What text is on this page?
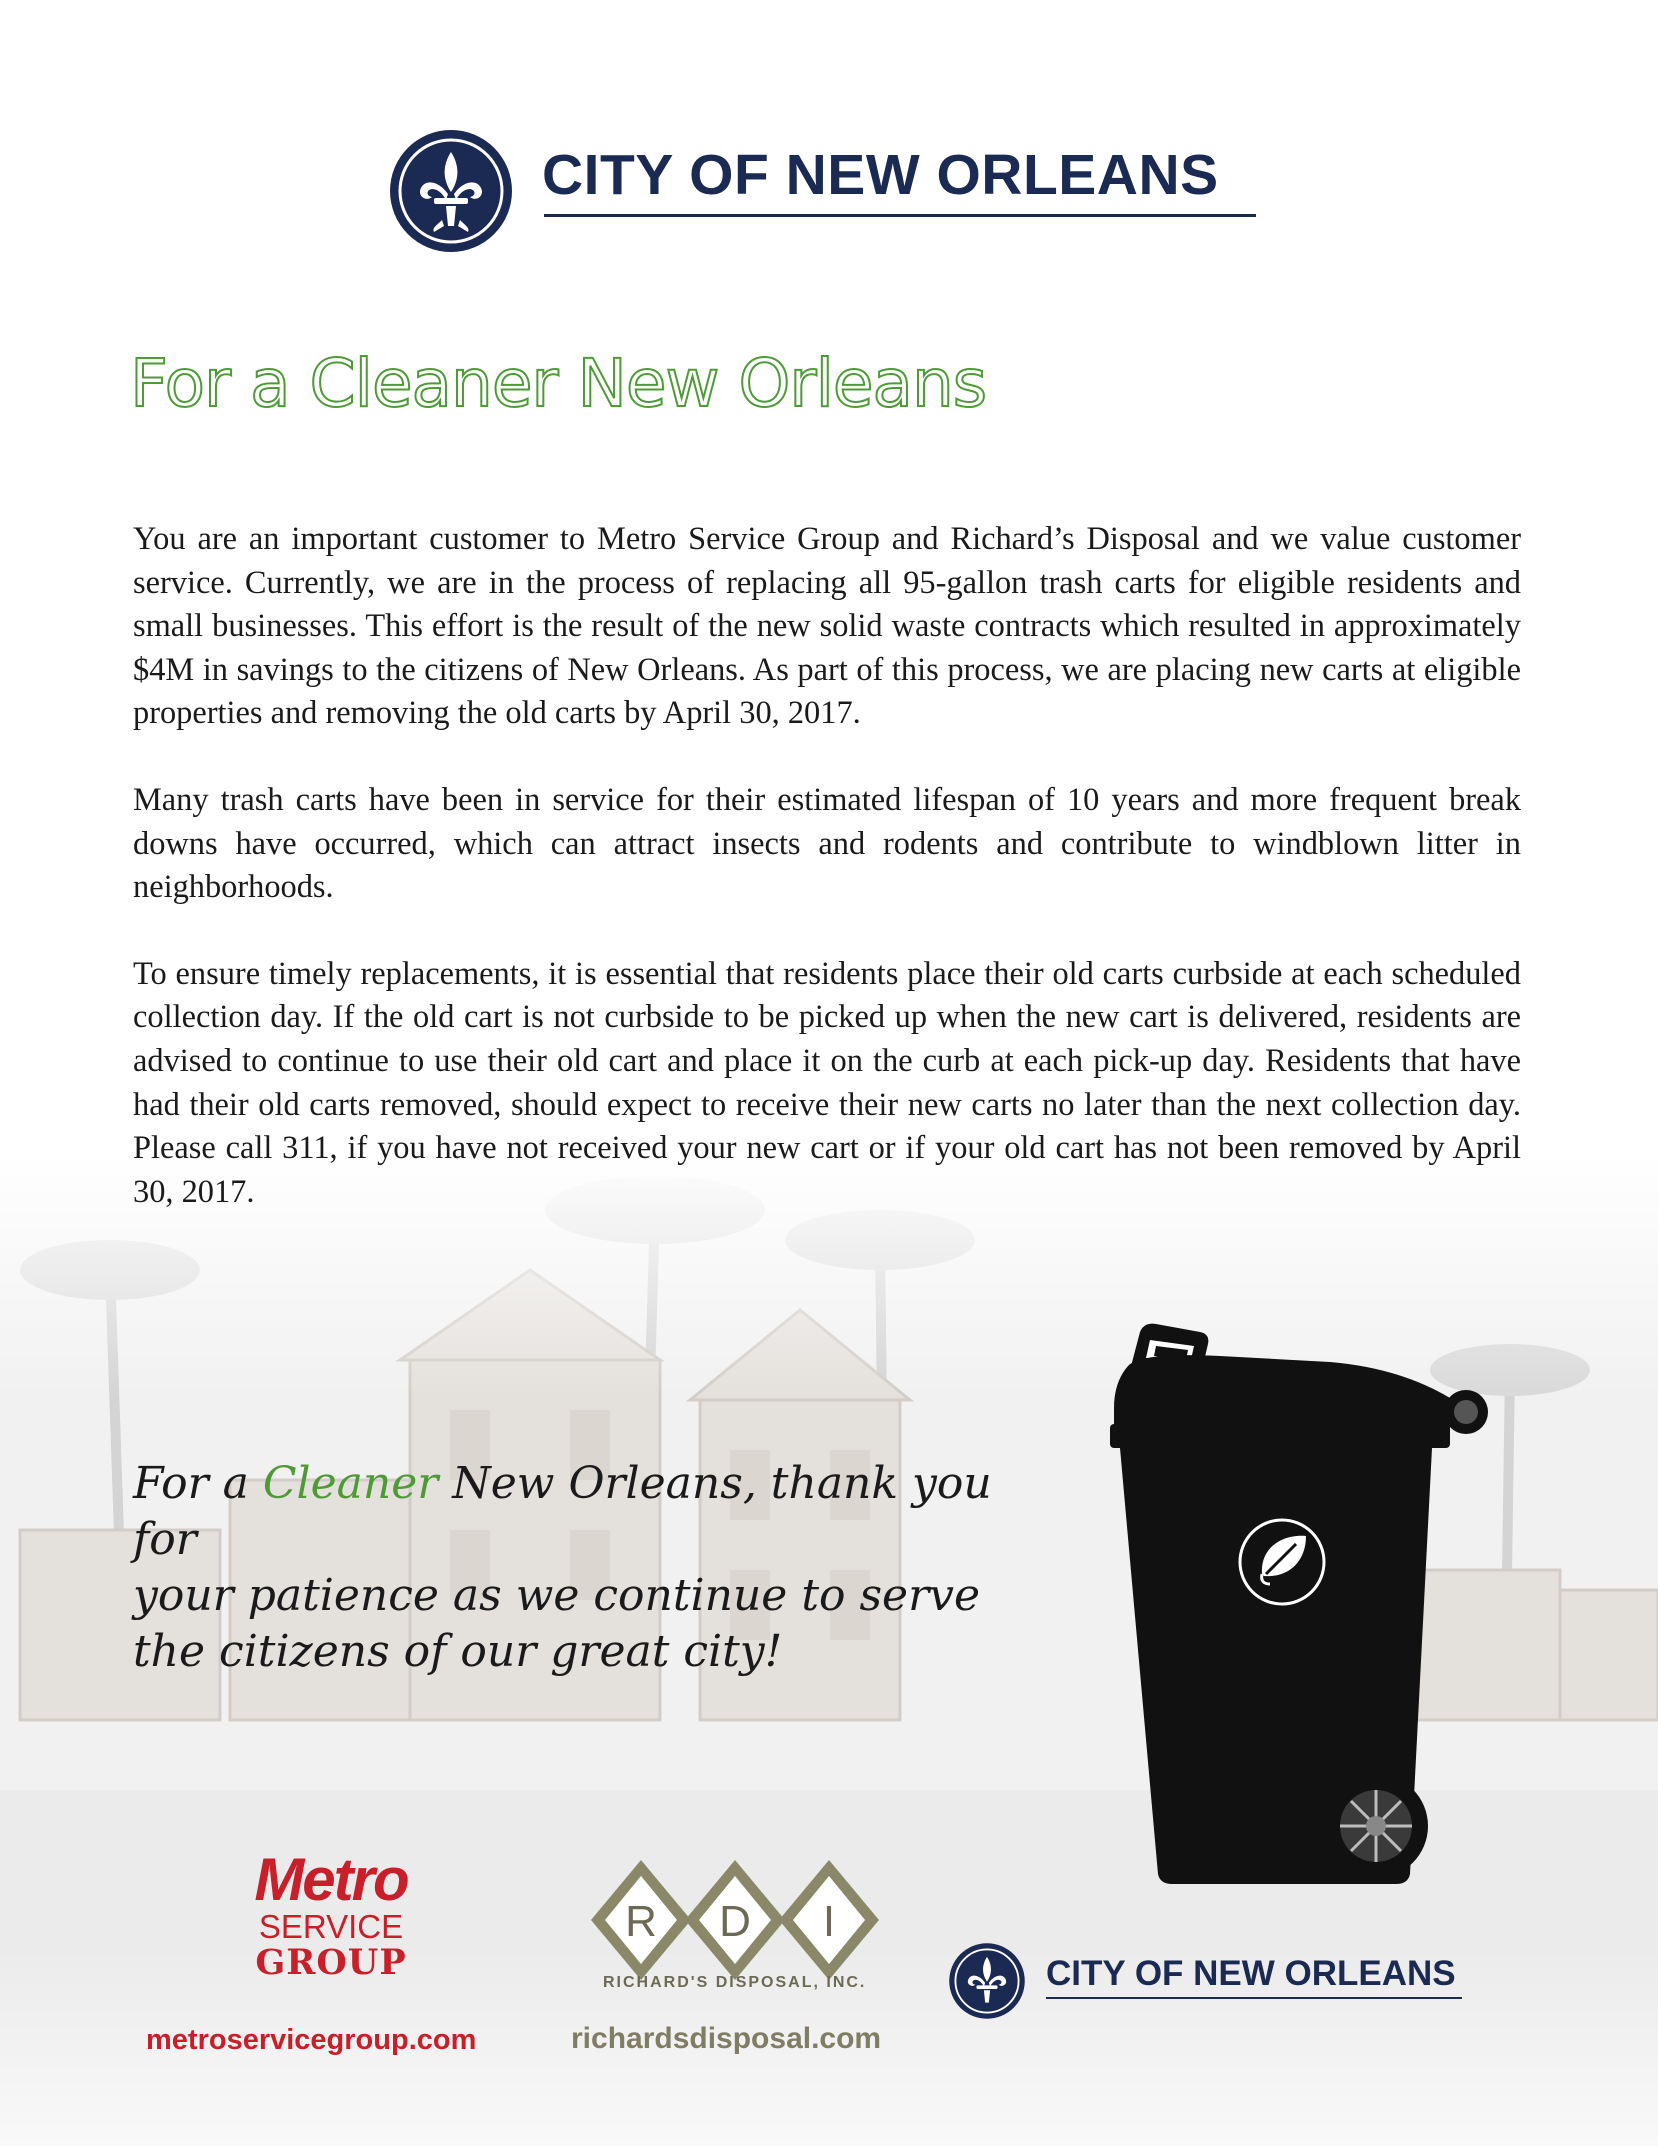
CITY OF NEW ORLEANS
For a Cleaner New Orleans

You are an important customer to Metro Service Group and Richard’s Disposal and we value customer service. Currently, we are in the process of replacing all 95-gallon trash carts for eligible residents and small businesses. This effort is the result of the new solid waste contracts which resulted in approximately $4M in savings to the citizens of New Orleans. As part of this process, we are placing new carts at eligible properties and removing the old carts by April 30, 2017.

Many trash carts have been in service for their estimated lifespan of 10 years and more frequent break downs have occurred, which can attract insects and rodents and contribute to windblown litter in neighborhoods.

To ensure timely replacements, it is essential that residents place their old carts curbside at each scheduled collection day. If the old cart is not curbside to be picked up when the new cart is delivered, residents are advised to continue to use their old cart and place it on the curb at each pick-up day. Residents that have had their old carts removed, should expect to receive their new carts no later than the next collection day. Please call 311, if you have not received your new cart or if your old cart has not been removed by April 30, 2017.

For a Cleaner New Orleans, thank you for
your patience as we continue to serve
the citizens of our great city!
Metro
SERVICE
GROUP
metroservicegroup.com
R D I
RICHARD'S DISPOSAL, INC.
richardsdisposal.com
CITY OF NEW ORLEANS
